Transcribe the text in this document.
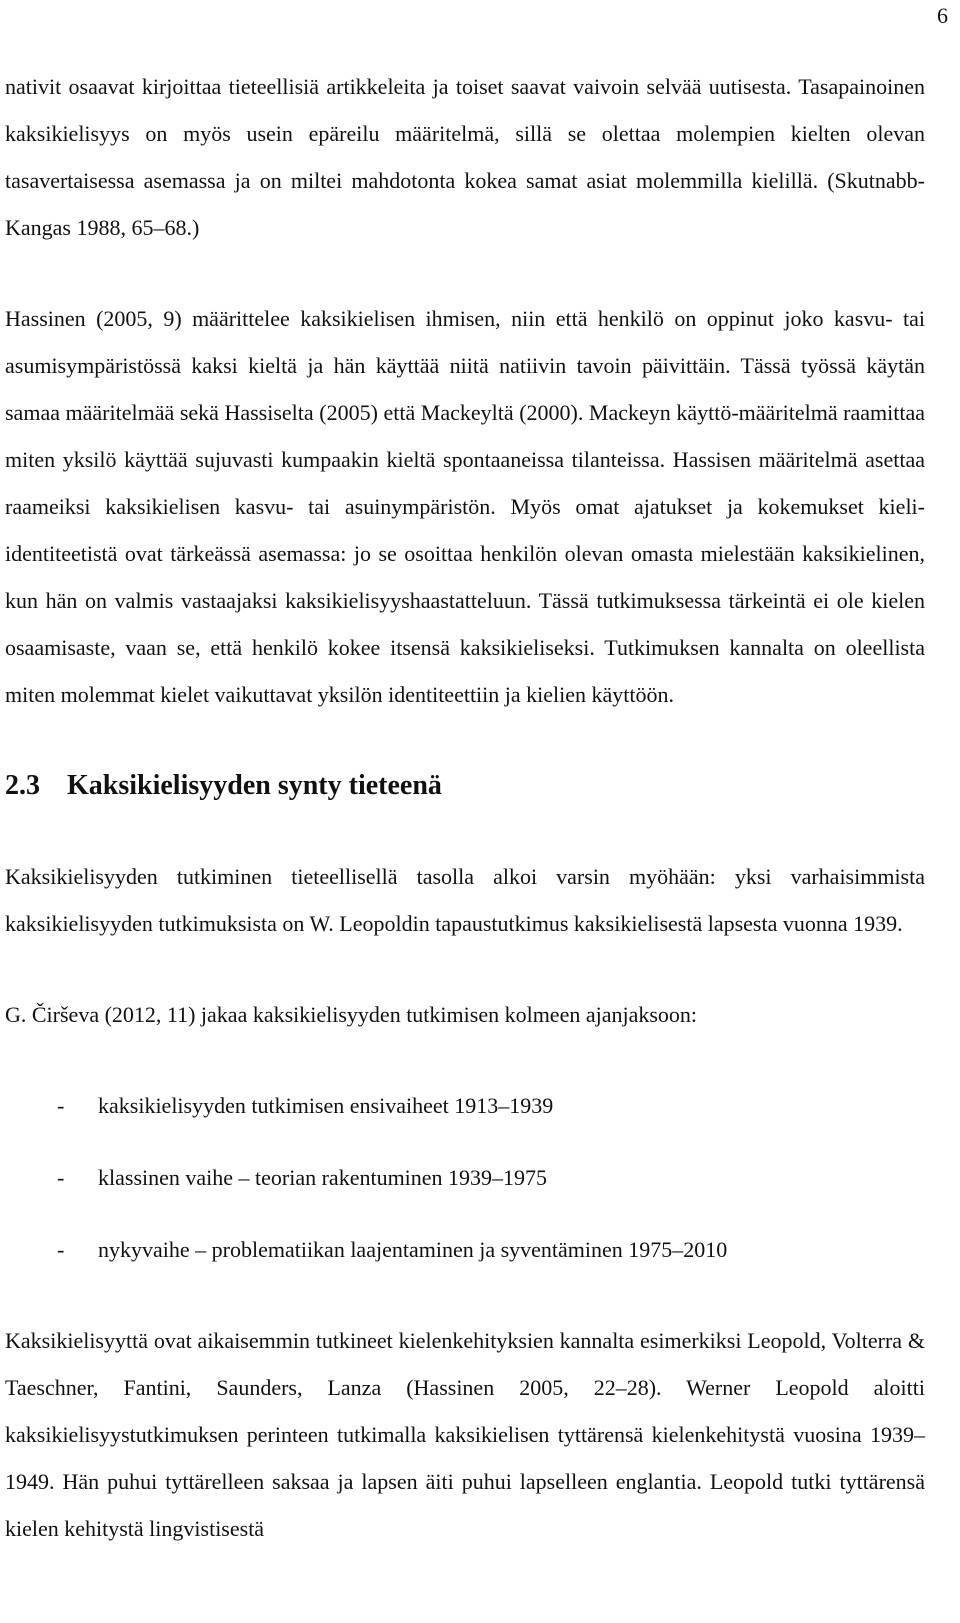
6

nativit osaavat kirjoittaa tieteellisiä artikkeleita ja toiset saavat vaivoin selvää uutisesta. Tasapainoinen kaksikielisyys on myös usein epäreilu määritelmä, sillä se olettaa molempien kielten olevan tasavertaisessa asemassa ja on miltei mahdotonta kokea samat asiat molemmilla kielillä. (Skutnabb-Kangas 1988, 65–68.)

Hassinen (2005, 9) määrittelee kaksikielisen ihmisen, niin että henkilö on oppinut joko kasvu- tai asumisympäristössä kaksi kieltä ja hän käyttää niitä natiivin tavoin päivittäin. Tässä työssä käytän samaa määritelmää sekä Hassiselta (2005) että Mackeyltä (2000). Mackeyn käyttö-määritelmä raamittaa miten yksilö käyttää sujuvasti kumpaakin kieltä spontaaneissa tilanteissa. Hassisen määritelmä asettaa raameiksi kaksikielisen kasvu- tai asuinympäristön. Myös omat ajatukset ja kokemukset kieli-identiteetistä ovat tärkeässä asemassa: jo se osoittaa henkilön olevan omasta mielestään kaksikielinen, kun hän on valmis vastaajaksi kaksikielisyyshaastatteluun. Tässä tutkimuksessa tärkeintä ei ole kielen osaamisaste, vaan se, että henkilö kokee itsensä kaksikieliseksi. Tutkimuksen kannalta on oleellista miten molemmat kielet vaikuttavat yksilön identiteettiin ja kielien käyttöön.

2.3 Kaksikielisyyden synty tieteenä

Kaksikielisyyden tutkiminen tieteellisellä tasolla alkoi varsin myöhään: yksi varhaisimmista kaksikielisyyden tutkimuksista on W. Leopoldin tapaustutkimus kaksikielisestä lapsesta vuonna 1939.

G. Čirševa (2012, 11) jakaa kaksikielisyyden tutkimisen kolmeen ajanjaksoon:

- kaksikielisyyden tutkimisen ensivaiheet 1913–1939
- klassinen vaihe – teorian rakentuminen 1939–1975
- nykyvaihe – problematiikan laajentaminen ja syventäminen 1975–2010

Kaksikielisyyttä ovat aikaisemmin tutkineet kielenkehityksien kannalta esimerkiksi Leopold, Volterra & Taeschner, Fantini, Saunders, Lanza (Hassinen 2005, 22–28). Werner Leopold aloitti kaksikielisyystutkimuksen perinteen tutkimalla kaksikielisen tyttärensä kielenkehitystä vuosina 1939–1949. Hän puhui tyttärelleen saksaa ja lapsen äiti puhui lapselleen englantia. Leopold tutki tyttärensä kielen kehitystä lingvistisestä
